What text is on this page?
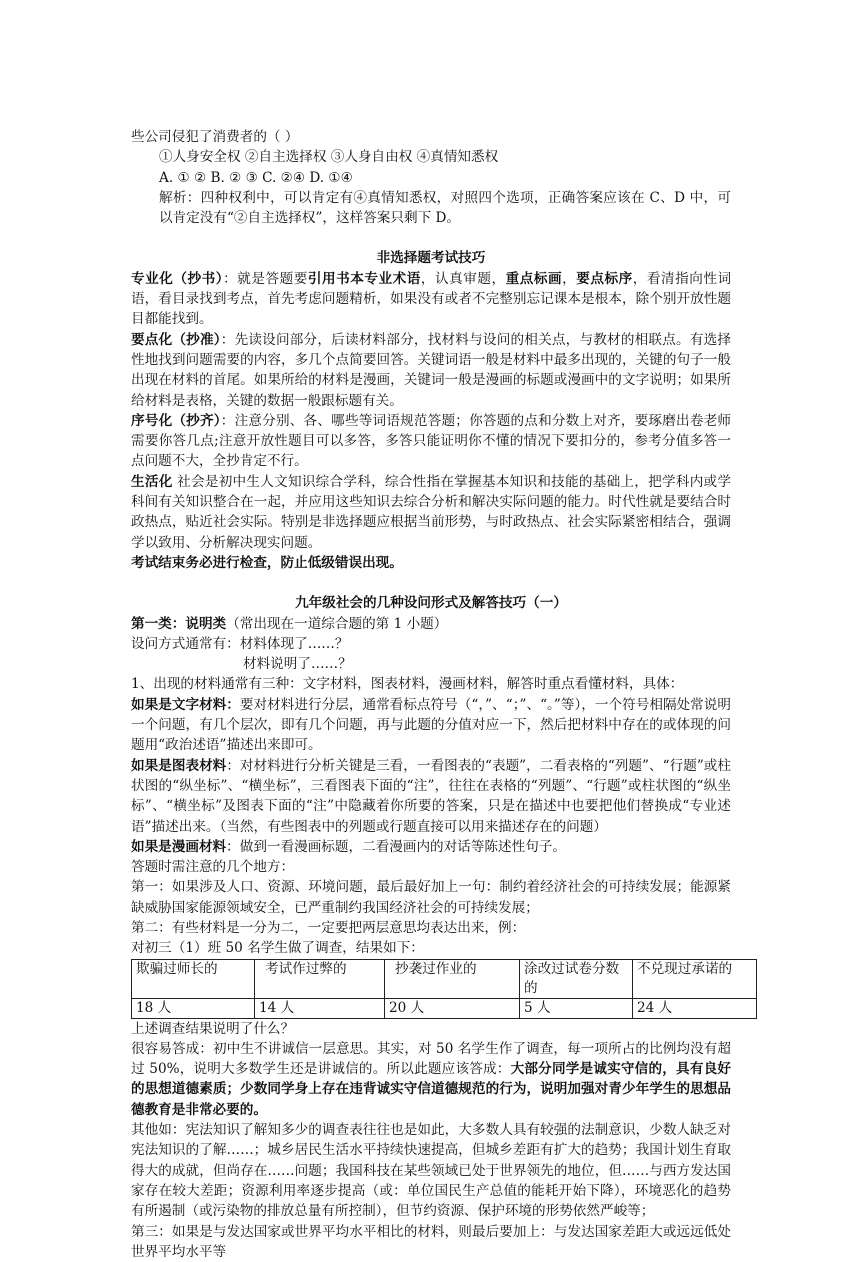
些公司侵犯了消费者的（ ）

①人身安全权 ②自主选择权 ③人身自由权 ④真情知悉权

A. ① ② B. ② ③ C. ②④ D. ①④

解析：四种权利中，可以肯定有④真情知悉权，对照四个选项，正确答案应该在 C、D 中，可以肯定没有“②自主选择权”，这样答案只剩下 D。

非选择题考试技巧

专业化（抄书）：就是答题要引用书本专业术语，认真审题，重点标画，要点标序，看清指向性词语，看目录找到考点，首先考虑问题精析，如果没有或者不完整别忘记课本是根本，除个别开放性题目都能找到。

要点化（抄准）：先读设问部分，后读材料部分，找材料与设问的相关点，与教材的相联点。有选择性地找到问题需要的内容，多几个点简要回答。关键词语一般是材料中最多出现的，关键的句子一般出现在材料的首尾。如果所给的材料是漫画，关键词一般是漫画的标题或漫画中的文字说明；如果所给材料是表格，关键的数据一般跟标题有关。

序号化（抄齐）：注意分别、各、哪些等词语规范答题；你答题的点和分数上对齐，要琢磨出卷老师需要你答几点;注意开放性题目可以多答，多答只能证明你不懂的情况下要扣分的，参考分值多答一点问题不大，全抄肯定不行。

生活化 社会是初中生人文知识综合学科，综合性指在掌握基本知识和技能的基础上，把学科内或学科间有关知识整合在一起，并应用这些知识去综合分析和解决实际问题的能力。时代性就是要结合时政热点，贴近社会实际。特别是非选择题应根据当前形势，与时政热点、社会实际紧密相结合，强调学以致用、分析解决现实问题。

考试结束务必进行检查，防止低级错误出现。

九年级社会的几种设问形式及解答技巧（一）

第一类：说明类（常出现在一道综合题的第 1 小题）

设问方式通常有：材料体现了……？

材料说明了……？

1、出现的材料通常有三种：文字材料，图表材料，漫画材料，解答时重点看懂材料，具体：

如果是文字材料：要对材料进行分层，通常看标点符号（“，”、“；”、“。”等），一个符号相隔处常说明一个问题，有几个层次，即有几个问题，再与此题的分值对应一下，然后把材料中存在的或体现的问题用“政治述语”描述出来即可。

如果是图表材料：对材料进行分析关键是三看，一看图表的“表题”，二看表格的“列题”、“行题”或柱状图的“纵坐标”、“横坐标”，三看图表下面的“注”，往往在表格的“列题”、“行题”或柱状图的“纵坐标”、“横坐标”及图表下面的“注”中隐藏着你所要的答案，只是在描述中也要把他们替换成“专业述语”描述出来。（当然，有些图表中的列题或行题直接可以用来描述存在的问题）

如果是漫画材料：做到一看漫画标题，二看漫画内的对话等陈述性句子。

答题时需注意的几个地方：

第一：如果涉及人口、资源、环境问题，最后最好加上一句：制约着经济社会的可持续发展；能源紧缺威胁国家能源领域安全，已严重制约我国经济社会的可持续发展；

第二：有些材料是一分为二，一定要把两层意思均表达出来，例：

对初三（1）班 50 名学生做了调查，结果如下：

欺骗过师长的	考试作过弊的	抄袭过作业的	涂改过试卷分数的	不兑现过承诺的
18 人	14 人	20 人	5 人	24 人

上述调查结果说明了什么？

很容易答成：初中生不讲诚信一层意思。其实，对 50 名学生作了调查，每一项所占的比例均没有超过 50%，说明大多数学生还是讲诚信的。所以此题应该答成：大部分同学是诚实守信的，具有良好的思想道德素质；少数同学身上存在违背诚实守信道德规范的行为，说明加强对青少年学生的思想品德教育是非常必要的。

其他如：宪法知识了解知多少的调查表往往也是如此，大多数人具有较强的法制意识，少数人缺乏对宪法知识的了解……；城乡居民生活水平持续快速提高，但城乡差距有扩大的趋势；我国计划生育取得大的成就，但尚存在……问题；我国科技在某些领域已处于世界领先的地位，但……与西方发达国家存在较大差距；资源利用率逐步提高（或：单位国民生产总值的能耗开始下降），环境恶化的趋势有所遏制（或污染物的排放总量有所控制），但节约资源、保护环境的形势依然严峻等；

第三：如果是与发达国家或世界平均水平相比的材料，则最后要加上：与发达国家差距大或远远低处世界平均水平等
